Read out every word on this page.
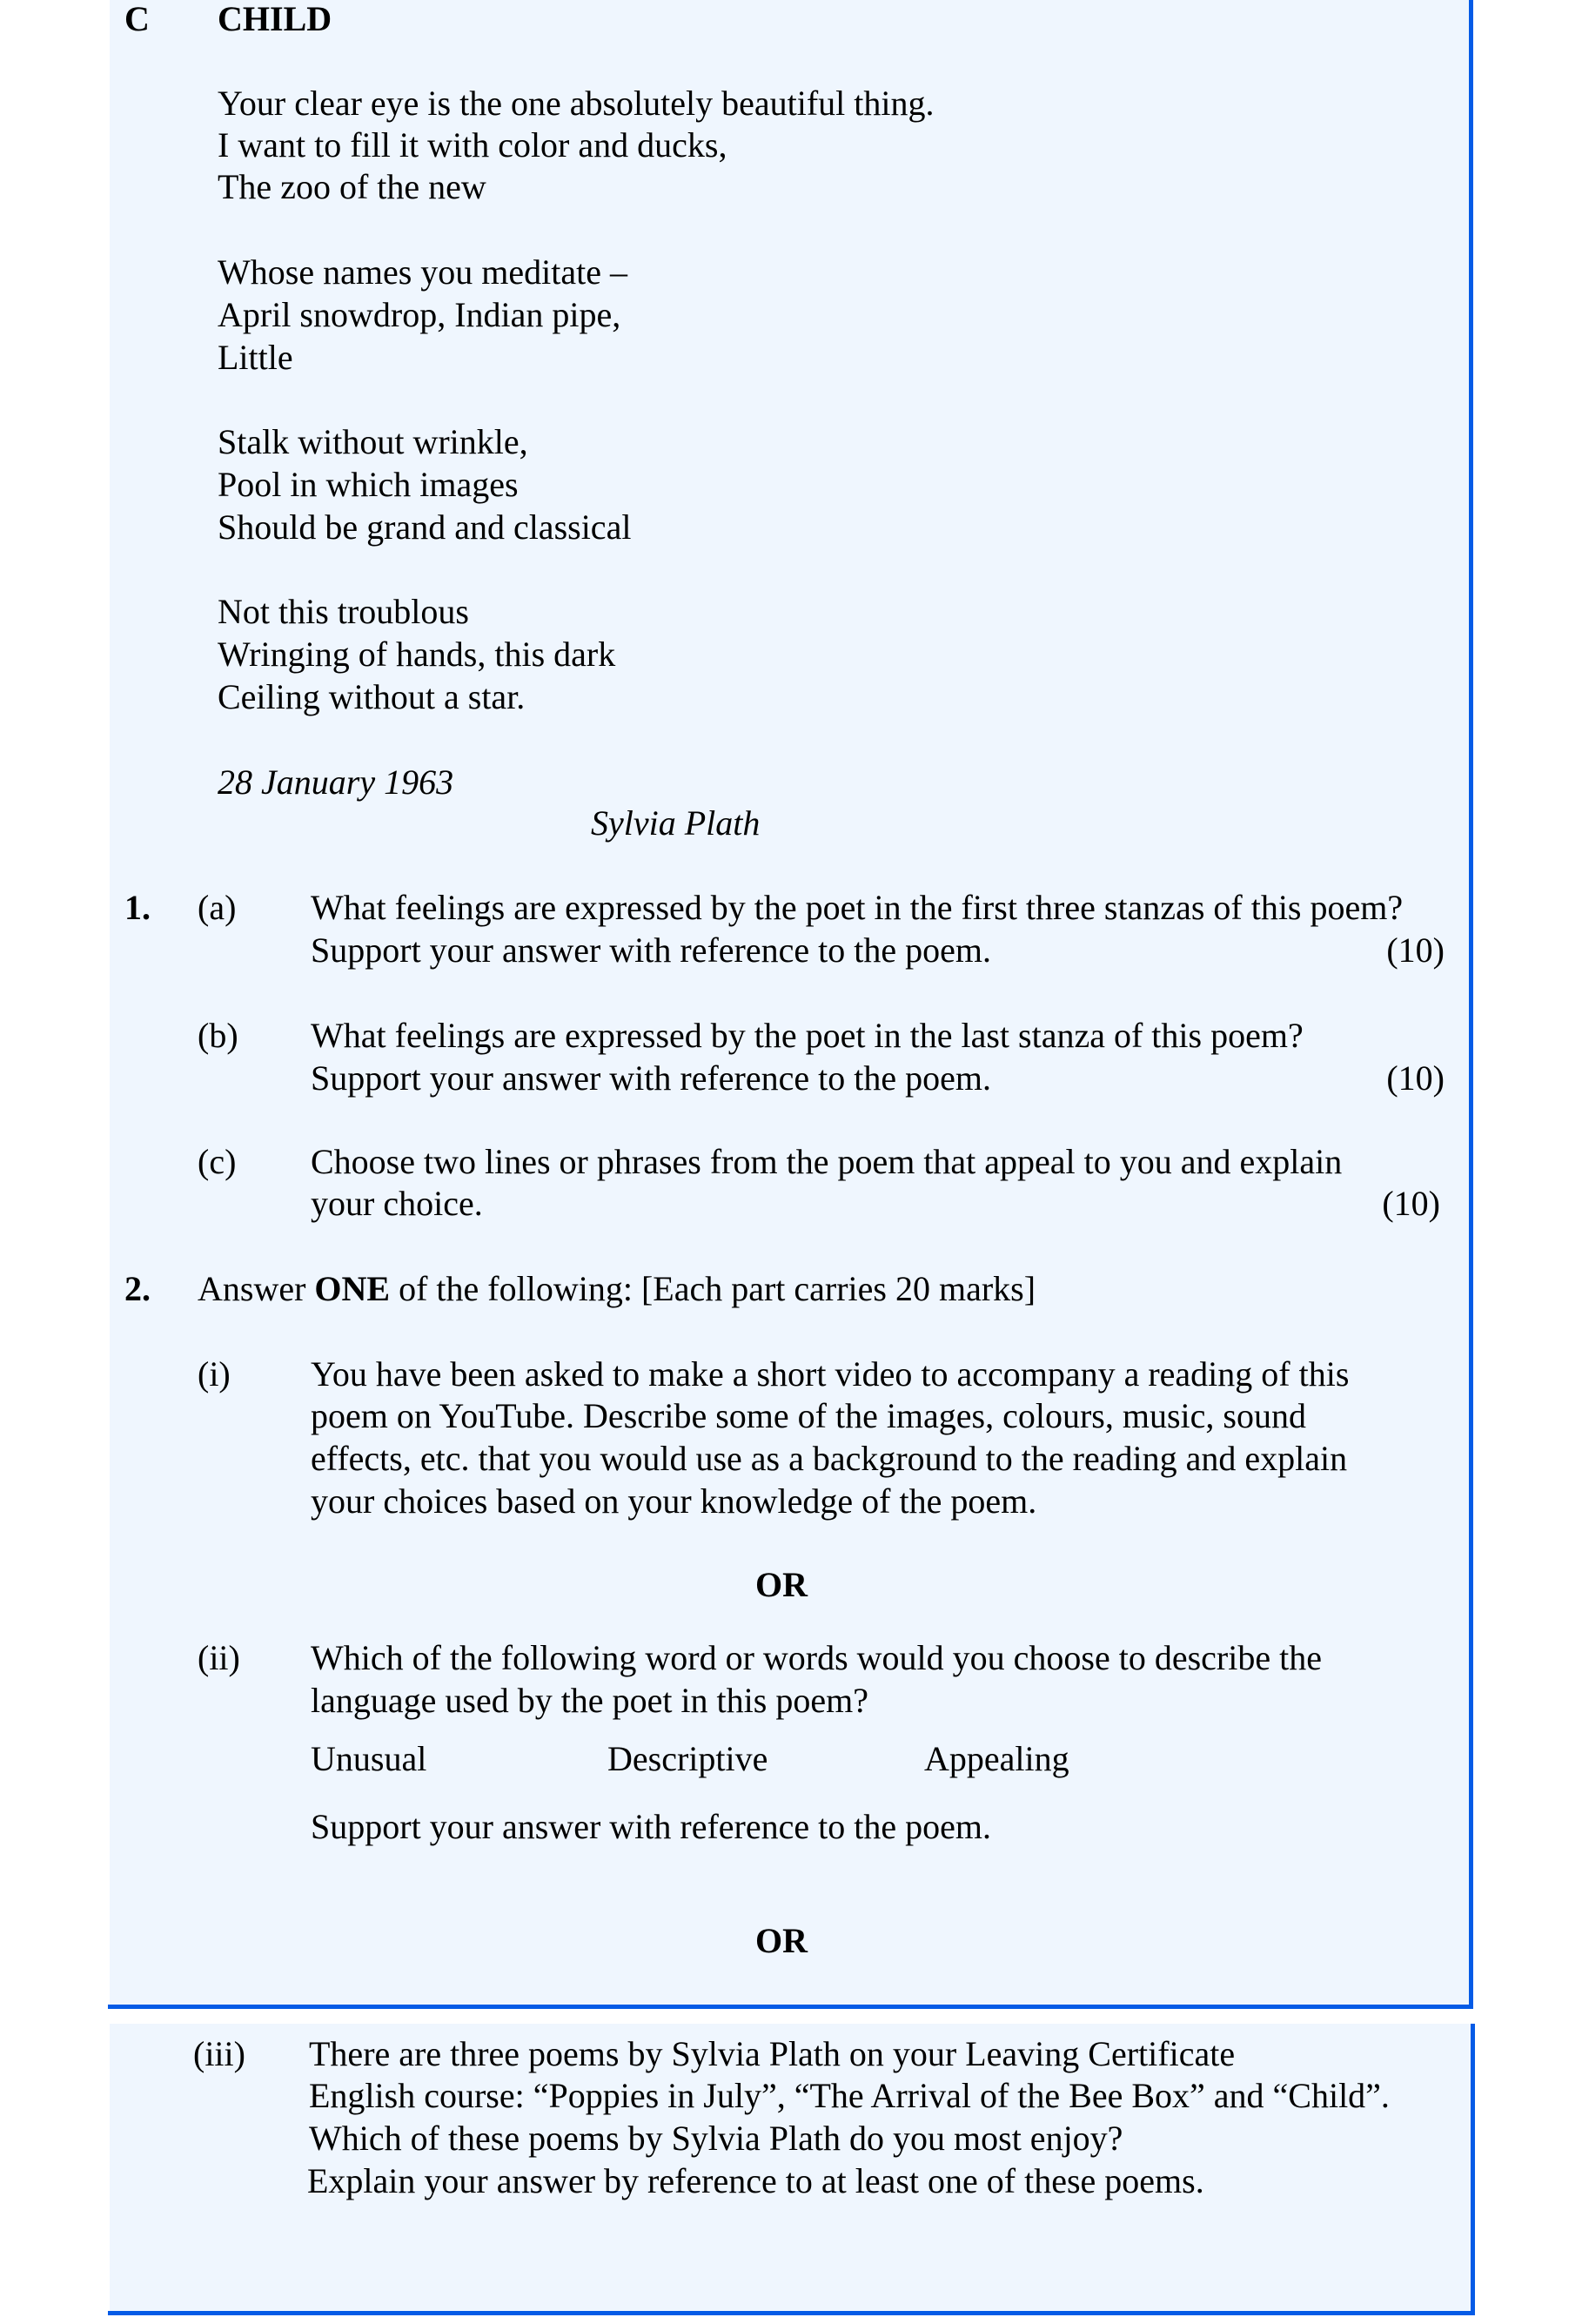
C CHILD
Your clear eye is the one absolutely beautiful thing.
I want to fill it with color and ducks,
The zoo of the new
Whose names you meditate –
April snowdrop, Indian pipe,
Little
Stalk without wrinkle,
Pool in which images
Should be grand and classical
Not this troublous
Wringing of hands, this dark
Ceiling without a star.
28 January 1963
Sylvia Plath
1. (a) What feelings are expressed by the poet in the first three stanzas of this poem?
Support your answer with reference to the poem.	(10)
(b) What feelings are expressed by the poet in the last stanza of this poem?
Support your answer with reference to the poem.	(10)
(c) Choose two lines or phrases from the poem that appeal to you and explain
your choice.	(10)
2. Answer ONE of the following: [Each part carries 20 marks]
(i) You have been asked to make a short video to accompany a reading of this
poem on YouTube. Describe some of the images, colours, music, sound
effects, etc. that you would use as a background to the reading and explain
your choices based on your knowledge of the poem.
OR
(ii) Which of the following word or words would you choose to describe the
language used by the poet in this poem?
Unusual	Descriptive	Appealing
Support your answer with reference to the poem.
OR
(iii) There are three poems by Sylvia Plath on your Leaving Certificate
English course: “Poppies in July”, “The Arrival of the Bee Box” and “Child”.
Which of these poems by Sylvia Plath do you most enjoy?
Explain your answer by reference to at least one of these poems.
